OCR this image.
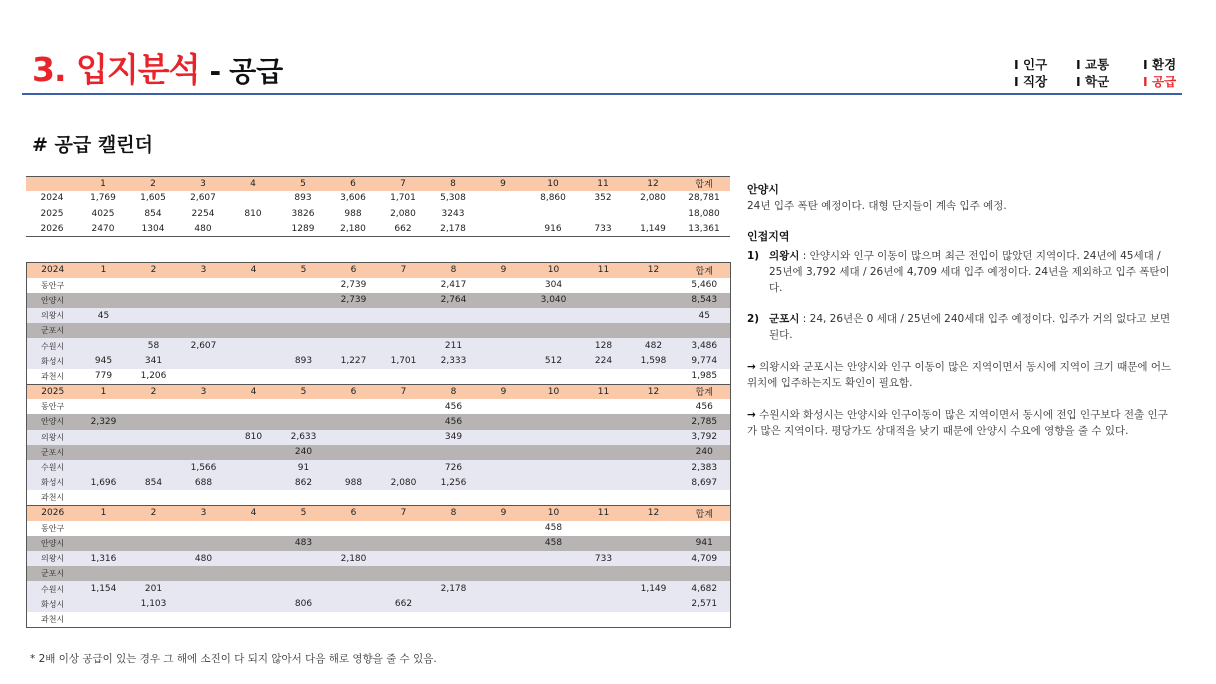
3. 입지분석 - 공급	I 인구
I 직장
I 교통
I 학군
I 환경
I 공급
# 공급 캘린더
	1	2	3	4	5	6	7	8	9	10	11	12	합계
2024	1,769	1,605	2,607		893	3,606	1,701	5,308		8,860	352	2,080	28,781
2025	4025	854	2254	810	3826	988	2,080	3243					18,080
2026	2470	1304	480		1289	2,180	662	2,178		916	733	1,149	13,361
2024	1	2	3	4	5	6	7	8	9	10	11	12	합계
동안구						2,739		2,417		304			5,460
안양시						2,739		2,764		3,040			8,543
의왕시	45												45
군포시													
수원시		58	2,607					211			128	482	3,486
화성시	945	341			893	1,227	1,701	2,333		512	224	1,598	9,774
과천시	779	1,206											1,985
2025	1	2	3	4	5	6	7	8	9	10	11	12	합계
동안구								456					456
안양시	2,329							456					2,785
의왕시				810	2,633			349					3,792
군포시					240								240
수원시			1,566		91			726					2,383
화성시	1,696	854	688		862	988	2,080	1,256					8,697
과천시													
2026	1	2	3	4	5	6	7	8	9	10	11	12	합계
동안구										458			
안양시					483					458			941
의왕시	1,316		480			2,180					733		4,709
군포시													
수원시	1,154	201						2,178				1,149	4,682
화성시		1,103			806		662						2,571
과천시													
* 2배 이상 공급이 있는 경우 그 해에 소진이 다 되지 않아서 다음 해로 영향을 줄 수 있음.
안양시
24년 입주 폭탄 예정이다. 대형 단지들이 계속 입주 예정.
인접지역
1) 의왕시 : 안양시와 인구 이동이 많으며 최근 전입이 많았던 지역이다. 24년에 45세대 / 25년에 3,792 세대 / 26년에 4,709 세대 입주 예정이다. 24년을 제외하고 입주 폭탄이다.
2) 군포시 : 24, 26년은 0 세대 / 25년에 240세대 입주 예정이다. 입주가 거의 없다고 보면 된다.
→ 의왕시와 군포시는 안양시와 인구 이동이 많은 지역이면서 동시에 지역이 크기 때문에 어느 위치에 입주하는지도 확인이 필요함.
→ 수원시와 화성시는 안양시와 인구이동이 많은 지역이면서 동시에 전입 인구보다 전출 인구가 많은 지역이다. 평당가도 상대적을 낮기 때문에 안양시 수요에 영향을 줄 수 있다.
